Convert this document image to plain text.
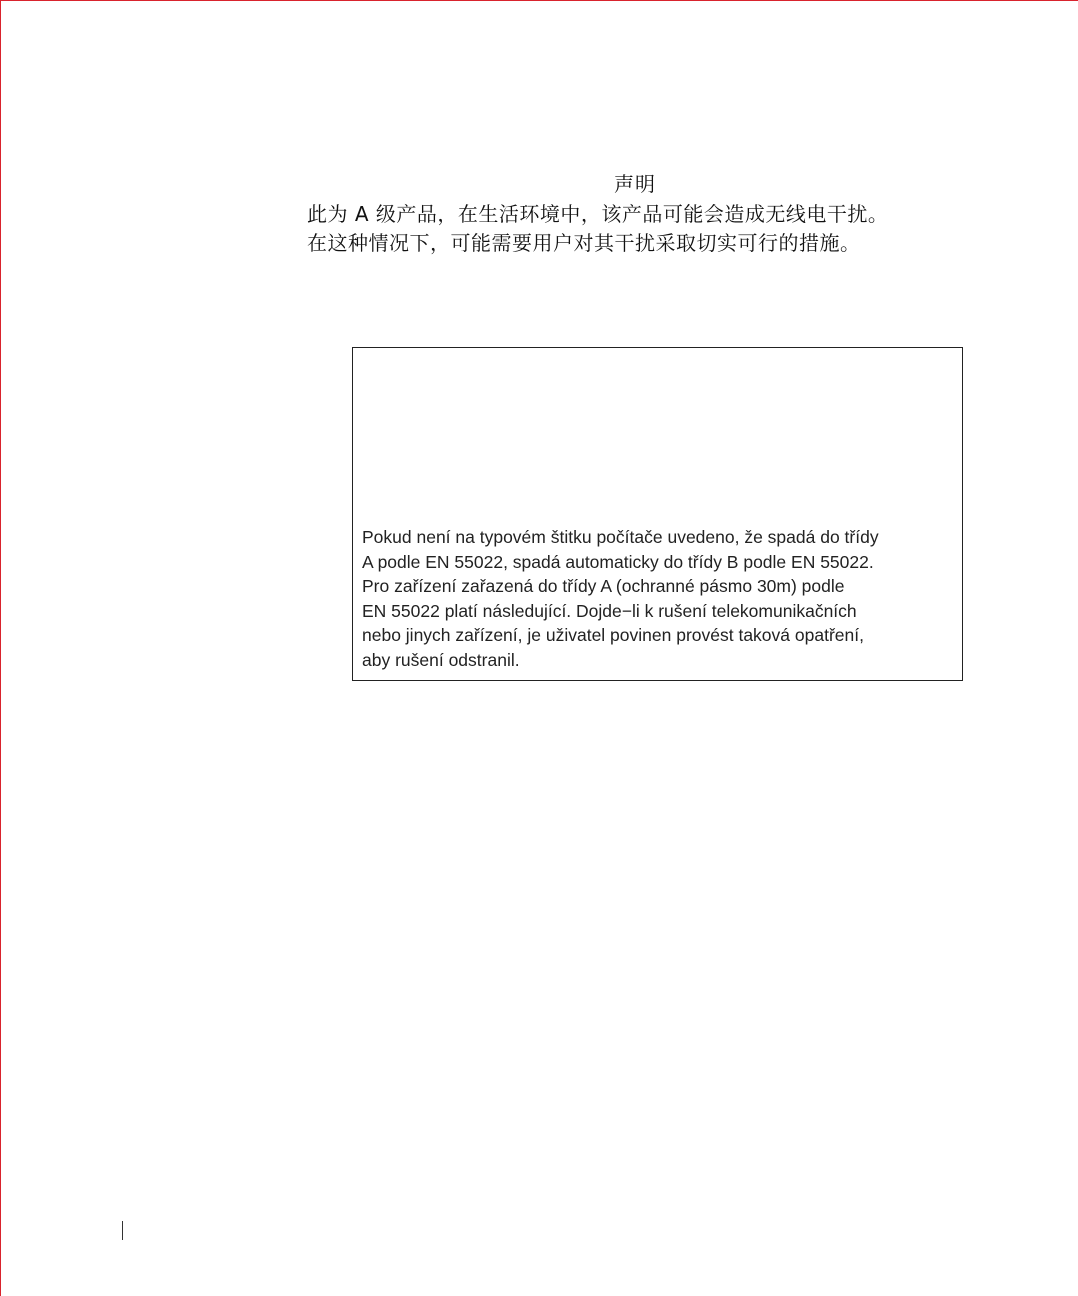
声明
此为 A 级产品，在生活环境中，该产品可能会造成无线电干扰。
在这种情况下，可能需要用户对其干扰采取切实可行的措施。

Pokud není na typovém štitku počítače uvedeno, že spadá do třídy
A podle EN 55022, spadá automaticky do třídy B podle EN 55022.
Pro zařízení zařazená do třídy A (ochranné pásmo 30m) podle
EN 55022 platí následující. Dojde−li k rušení telekomunikačních
nebo jinych zařízení, je uživatel povinen provést taková opatření,
aby rušení odstranil.
